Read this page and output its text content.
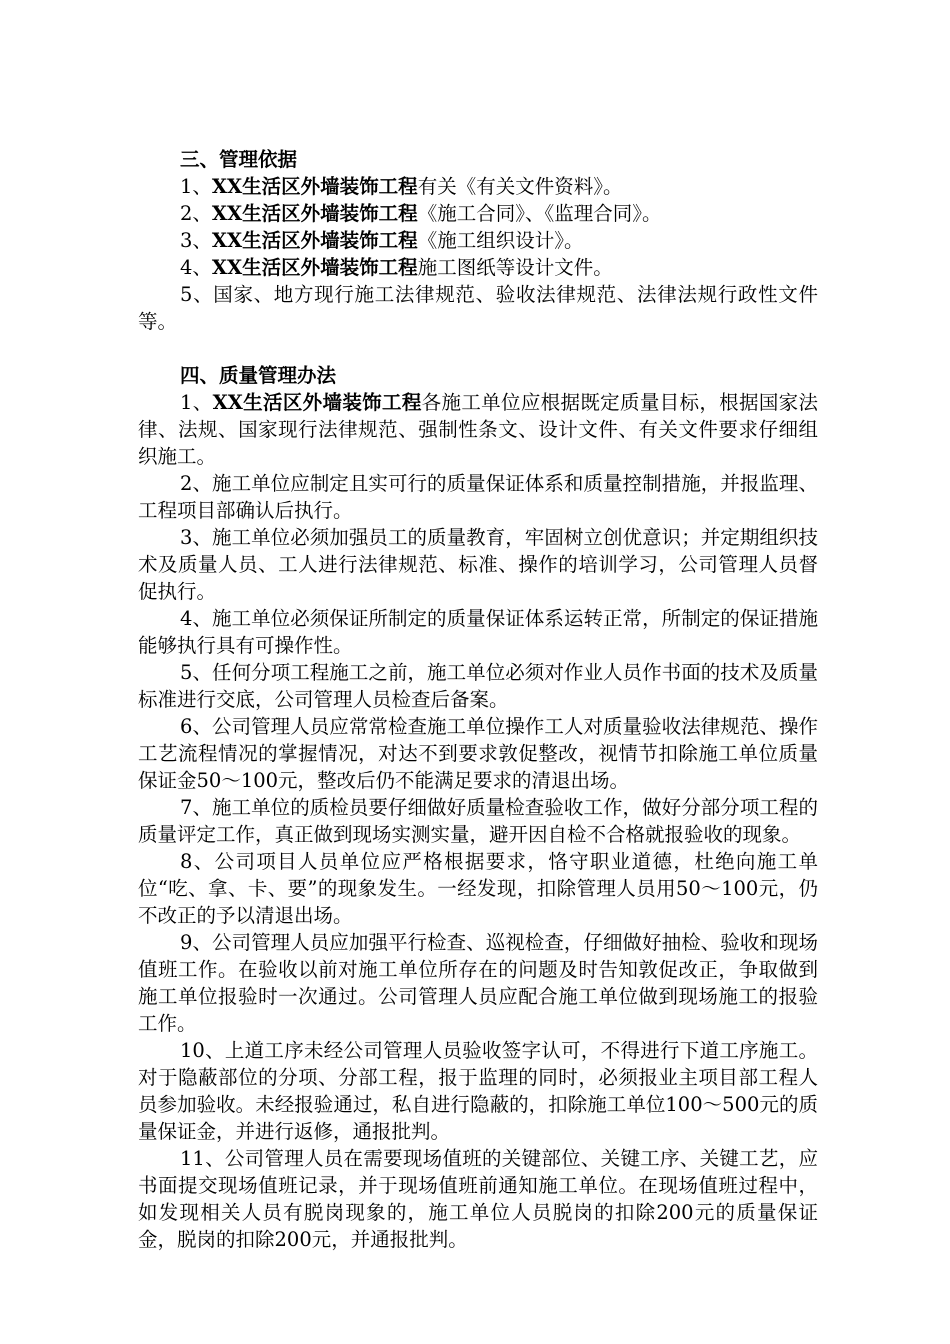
三、管理依据

1、XX生活区外墙装饰工程有关《有关文件资料》。

2、XX生活区外墙装饰工程《施工合同》、《监理合同》。

3、XX生活区外墙装饰工程《施工组织设计》。

4、XX生活区外墙装饰工程施工图纸等设计文件。

5、国家、地方现行施工法律规范、验收法律规范、法律法规行政性文件等。

四、质量管理办法

1、XX生活区外墙装饰工程各施工单位应根据既定质量目标，根据国家法律、法规、国家现行法律规范、强制性条文、设计文件、有关文件要求仔细组织施工。

2、施工单位应制定且实可行的质量保证体系和质量控制措施，并报监理、工程项目部确认后执行。

3、施工单位必须加强员工的质量教育，牢固树立创优意识；并定期组织技术及质量人员、工人进行法律规范、标准、操作的培训学习，公司管理人员督促执行。

4、施工单位必须保证所制定的质量保证体系运转正常，所制定的保证措施能够执行具有可操作性。

5、任何分项工程施工之前，施工单位必须对作业人员作书面的技术及质量标准进行交底，公司管理人员检查后备案。

6、公司管理人员应常常检查施工单位操作工人对质量验收法律规范、操作工艺流程情况的掌握情况，对达不到要求敦促整改，视情节扣除施工单位质量保证金50～100元，整改后仍不能满足要求的清退出场。

7、施工单位的质检员要仔细做好质量检查验收工作，做好分部分项工程的质量评定工作，真正做到现场实测实量，避开因自检不合格就报验收的现象。

8、公司项目人员单位应严格根据要求，恪守职业道德，杜绝向施工单位“吃、拿、卡、要”的现象发生。一经发现，扣除管理人员用50～100元，仍不改正的予以清退出场。

9、公司管理人员应加强平行检查、巡视检查，仔细做好抽检、验收和现场值班工作。在验收以前对施工单位所存在的问题及时告知敦促改正，争取做到施工单位报验时一次通过。公司管理人员应配合施工单位做到现场施工的报验工作。

10、上道工序未经公司管理人员验收签字认可，不得进行下道工序施工。对于隐蔽部位的分项、分部工程，报于监理的同时，必须报业主项目部工程人员参加验收。未经报验通过，私自进行隐蔽的，扣除施工单位100～500元的质量保证金，并进行返修，通报批判。

11、公司管理人员在需要现场值班的关键部位、关键工序、关键工艺，应书面提交现场值班记录，并于现场值班前通知施工单位。在现场值班过程中，如发现相关人员有脱岗现象的，施工单位人员脱岗的扣除200元的质量保证金，脱岗的扣除200元，并通报批判。
